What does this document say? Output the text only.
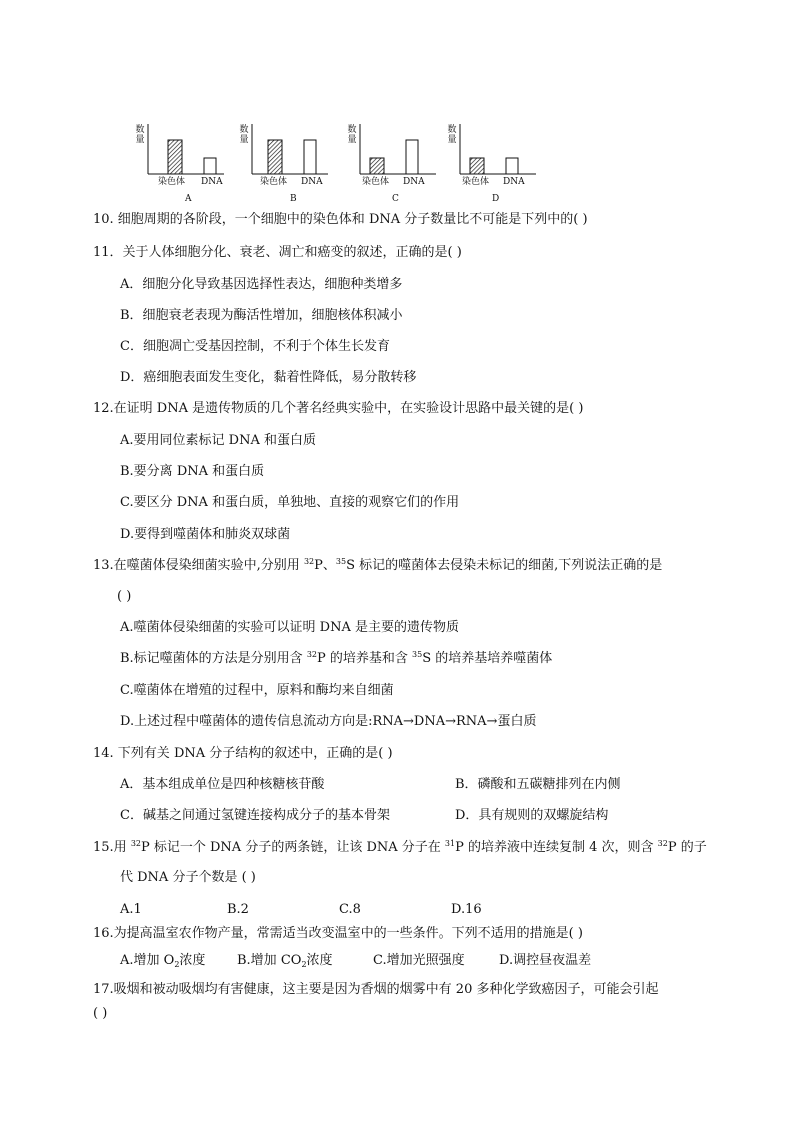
数
量
染色体 DNA
A
数
量
染色体 DNA
B
数
量
染色体 DNA
C
数
量
染色体 DNA
D
10. 细胞周期的各阶段，一个细胞中的染色体和 DNA 分子数量比不可能是下列中的( )
11．关于人体细胞分化、衰老、凋亡和癌变的叙述，正确的是( )
A．细胞分化导致基因选择性表达，细胞种类增多
B．细胞衰老表现为酶活性增加，细胞核体积减小
C．细胞凋亡受基因控制，不利于个体生长发育
D．癌细胞表面发生变化，黏着性降低，易分散转移
12.在证明 DNA 是遗传物质的几个著名经典实验中，在实验设计思路中最关键的是( )
A.要用同位素标记 DNA 和蛋白质
B.要分离 DNA 和蛋白质
C.要区分 DNA 和蛋白质，单独地、直接的观察它们的作用
D.要得到噬菌体和肺炎双球菌
13.在噬菌体侵染细菌实验中,分别用 $^{32}$P、$^{35}$S 标记的噬菌体去侵染未标记的细菌,下列说法正确的是
( )
A.噬菌体侵染细菌的实验可以证明 DNA 是主要的遗传物质
B.标记噬菌体的方法是分别用含 $^{32}$P 的培养基和含 $^{35}$S 的培养基培养噬菌体
C.噬菌体在增殖的过程中，原料和酶均来自细菌
D.上述过程中噬菌体的遗传信息流动方向是:RNA→DNA→RNA→蛋白质
14. 下列有关 DNA 分子结构的叙述中，正确的是( )
A．基本组成单位是四种核糖核苷酸	B．磷酸和五碳糖排列在内侧
C．碱基之间通过氢键连接构成分子的基本骨架	D．具有规则的双螺旋结构
15.用 $^{32}$P 标记一个 DNA 分子的两条链，让该 DNA 分子在 $^{31}$P 的培养液中连续复制 4 次，则含 $^{32}$P 的子
代 DNA 分子个数是 ( )
A.1	B.2	C.8	D.16
16.为提高温室农作物产量，常需适当改变温室中的一些条件。下列不适用的措施是( )
A.增加 $O_2$浓度 B.增加 $CO_2$浓度	C.增加光照强度	D.调控昼夜温差
17.吸烟和被动吸烟均有害健康，这主要是因为香烟的烟雾中有 20 多种化学致癌因子，可能会引起
( )
